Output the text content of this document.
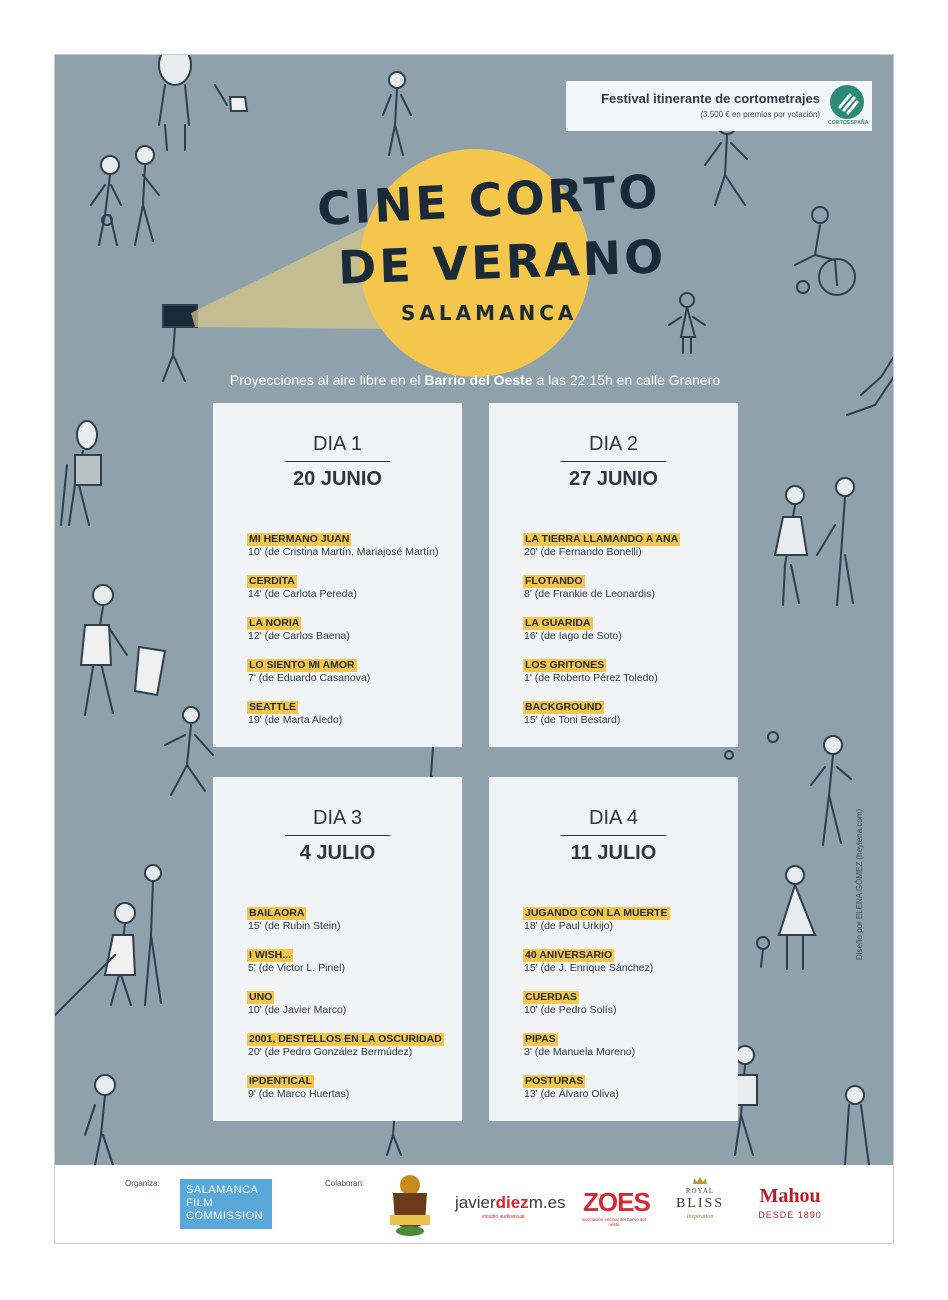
CINE CORTO
DE VERANO
SALAMANCA
Festival itinerante de cortometrajes
(3.500 € en premios por votación)
CORTOESPAÑA
Proyecciones al aire libre en el Barrio del Oeste a las 22:15h en calle Granero
DIA 1
20 JUNIO
MI HERMANO JUAN
10' (de Cristina Martín, Mariajosé Martín)
CERDITA
14' (de Carlota Pereda)
LA NORIA
12' (de Carlos Baena)
LO SIENTO MI AMOR
7' (de Eduardo Casanova)
SEATTLE
19' (de Marta Aledo)
DIA 2
27 JUNIO
LA TIERRA LLAMANDO A ANA
20' (de Fernando Bonelli)
FLOTANDO
8' (de Frankie de Leonardis)
LA GUARIDA
16' (de Iago de Soto)
LOS GRITONES
1' (de Roberto Pérez Toledo)
BACKGROUND
15' (de Toni Bestard)
DIA 3
4 JULIO
BAILAORA
15' (de Rubin Stein)
I WISH...
5' (de Victor L. Pinel)
UNO
10' (de Javier Marco)
2001, DESTELLOS EN LA OSCURIDAD
20' (de Pedro González Bermúdez)
IPDENTICAL
9' (de Marco Huertas)
DIA 4
11 JULIO
JUGANDO CON LA MUERTE
18' (de Paul Urkijo)
40 ANIVERSARIO
15' (de J. Enrique Sánchez)
CUERDAS
10' (de Pedro Solís)
PIPAS
3' (de Manuela Moreno)
POSTURAS
13' (de Álvaro Oliva)
Diseño por ELENA GÓMEZ (heylena.com)
Organiza:
SALAMANCA
FILM
COMMISSION
Colaboran:
javierdiezm.es
estudio audiovisual ZOES
asociación vecinal del barrio del oeste
ROYAL
BLISS
Inspiration
Mahou
DESDE 1890
